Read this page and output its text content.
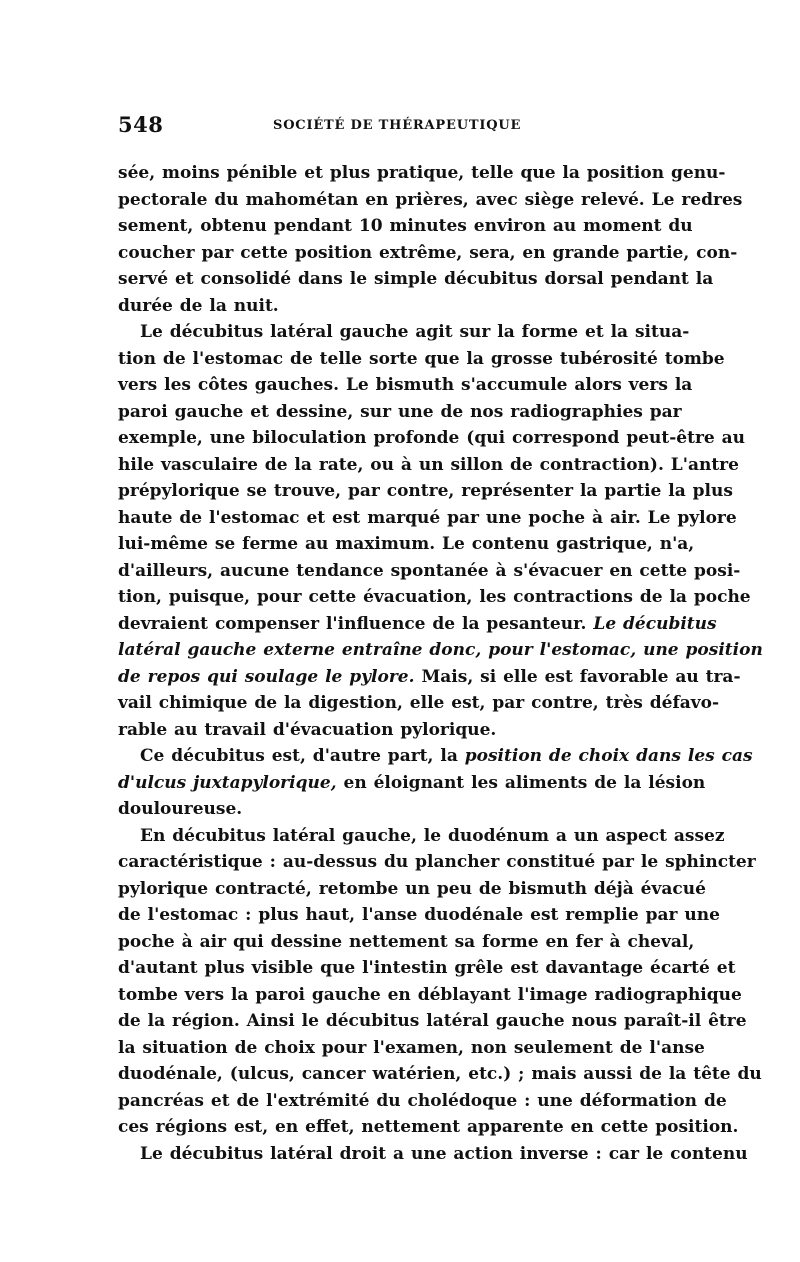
548	SOCIÉTÉ DE THÉRAPEUTIQUE
sée, moins pénible et plus pratique, telle que la position genu-
pectorale du mahométan en prières, avec siège relevé. Le redres
sement, obtenu pendant 10 minutes environ au moment du
coucher par cette position extrême, sera, en grande partie, con-
servé et consolidé dans le simple décubitus dorsal pendant la
durée de la nuit.
Le décubitus latéral gauche agit sur la forme et la situa-
tion de l'estomac de telle sorte que la grosse tubérosité tombe
vers les côtes gauches. Le bismuth s'accumule alors vers la
paroi gauche et dessine, sur une de nos radiographies par
exemple, une biloculation profonde (qui correspond peut-être au
hile vasculaire de la rate, ou à un sillon de contraction). L'antre
prépylorique se trouve, par contre, représenter la partie la plus
haute de l'estomac et est marqué par une poche à air. Le pylore
lui-même se ferme au maximum. Le contenu gastrique, n'a,
d'ailleurs, aucune tendance spontanée à s'évacuer en cette posi-
tion, puisque, pour cette évacuation, les contractions de la poche
devraient compenser l'influence de la pesanteur. Le décubitus
latéral gauche externe entraîne donc, pour l'estomac, une position
de repos qui soulage le pylore. Mais, si elle est favorable au tra-
vail chimique de la digestion, elle est, par contre, très défavo-
rable au travail d'évacuation pylorique.
Ce décubitus est, d'autre part, la position de choix dans les cas
d'ulcus juxtapylorique, en éloignant les aliments de la lésion
douloureuse.
En décubitus latéral gauche, le duodénum a un aspect assez
caractéristique : au-dessus du plancher constitué par le sphincter
pylorique contracté, retombe un peu de bismuth déjà évacué
de l'estomac : plus haut, l'anse duodénale est remplie par une
poche à air qui dessine nettement sa forme en fer à cheval,
d'autant plus visible que l'intestin grêle est davantage écarté et
tombe vers la paroi gauche en déblayant l'image radiographique
de la région. Ainsi le décubitus latéral gauche nous paraît-il être
la situation de choix pour l'examen, non seulement de l'anse
duodénale, (ulcus, cancer watérien, etc.) ; mais aussi de la tête du
pancréas et de l'extrémité du cholédoque : une déformation de
ces régions est, en effet, nettement apparente en cette position.
Le décubitus latéral droit a une action inverse : car le contenu
